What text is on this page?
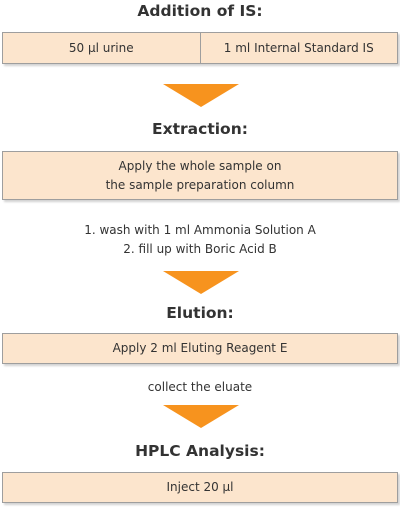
Addition of IS:
50 µl urine	1 ml Internal Standard IS
Extraction:
Apply the whole sample on
the sample preparation column
1. wash with 1 ml Ammonia Solution A
2. fill up with Boric Acid B
Elution:
Apply 2 ml Eluting Reagent E
collect the eluate
HPLC Analysis:
Inject 20 µl
